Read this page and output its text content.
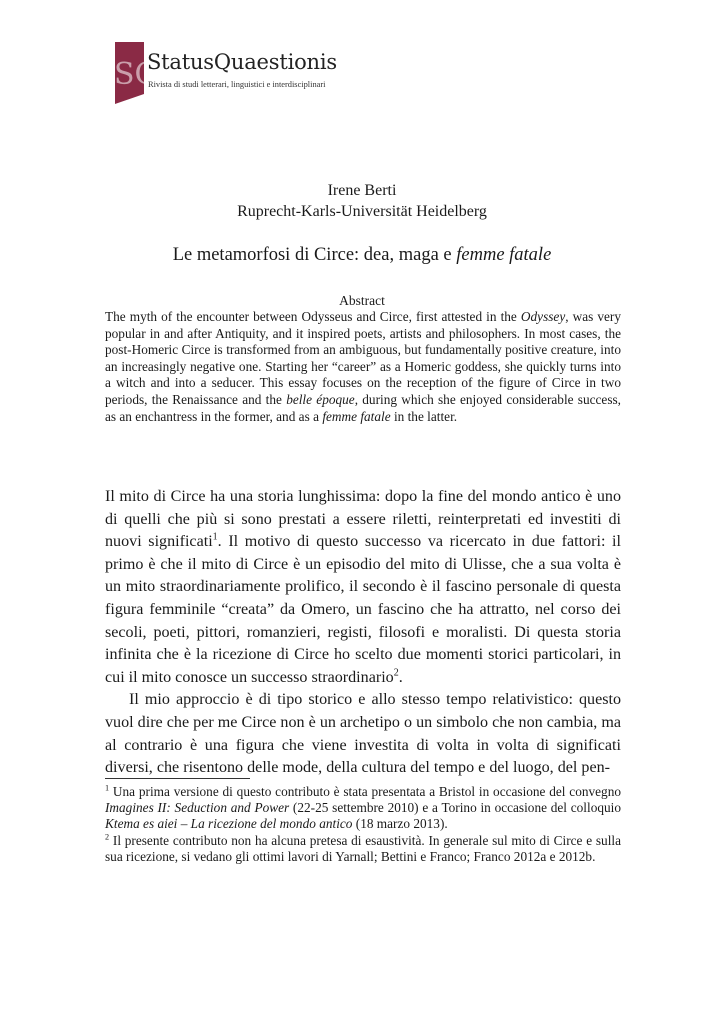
SQ
StatusQuaestionis
Rivista di studi letterari, linguistici e interdisciplinari
Irene Berti
Ruprecht-Karls-Universität Heidelberg
Le metamorfosi di Circe: dea, maga e femme fatale
Abstract

The myth of the encounter between Odysseus and Circe, first attested in the Odyssey, was very popular in and after Antiquity, and it inspired poets, artists and philosophers. In most cases, the post-Homeric Circe is transformed from an ambiguous, but fundamentally positive creature, into an increasingly negative one. Starting her “career” as a Homeric goddess, she quickly turns into a witch and into a seducer. This essay focuses on the reception of the figure of Circe in two periods, the Renaissance and the belle époque, during which she enjoyed considerable success, as an enchantress in the former, and as a femme fatale in the latter.

Il mito di Circe ha una storia lunghissima: dopo la fine del mondo antico è uno di quelli che più si sono prestati a essere riletti, reinterpretati ed investiti di nuovi significati$^1$. Il motivo di questo successo va ricercato in due fattori: il primo è che il mito di Circe è un episodio del mito di Ulisse, che a sua volta è un mito straordinariamente prolifico, il secondo è il fascino personale di questa figura femminile “creata” da Omero, un fascino che ha attratto, nel corso dei secoli, poeti, pittori, romanzieri, registi, filosofi e moralisti. Di questa storia infinita che è la ricezione di Circe ho scelto due momenti storici particolari, in cui il mito conosce un successo straordinario$^2$.

Il mio approccio è di tipo storico e allo stesso tempo relativistico: questo vuol dire che per me Circe non è un archetipo o un simbolo che non cambia, ma al contrario è una figura che viene investita di volta in volta di significati diversi, che risentono delle mode, della cultura del tempo e del luogo, del pen-

$^1$ Una prima versione di questo contributo è stata presentata a Bristol in occasione del convegno Imagines II: Seduction and Power (22-25 settembre 2010) e a Torino in occasione del colloquio Ktema es aiei – La ricezione del mondo antico (18 marzo 2013).

$^2$ Il presente contributo non ha alcuna pretesa di esaustività. In generale sul mito di Circe e sulla sua ricezione, si vedano gli ottimi lavori di Yarnall; Bettini e Franco; Franco 2012a e 2012b.
